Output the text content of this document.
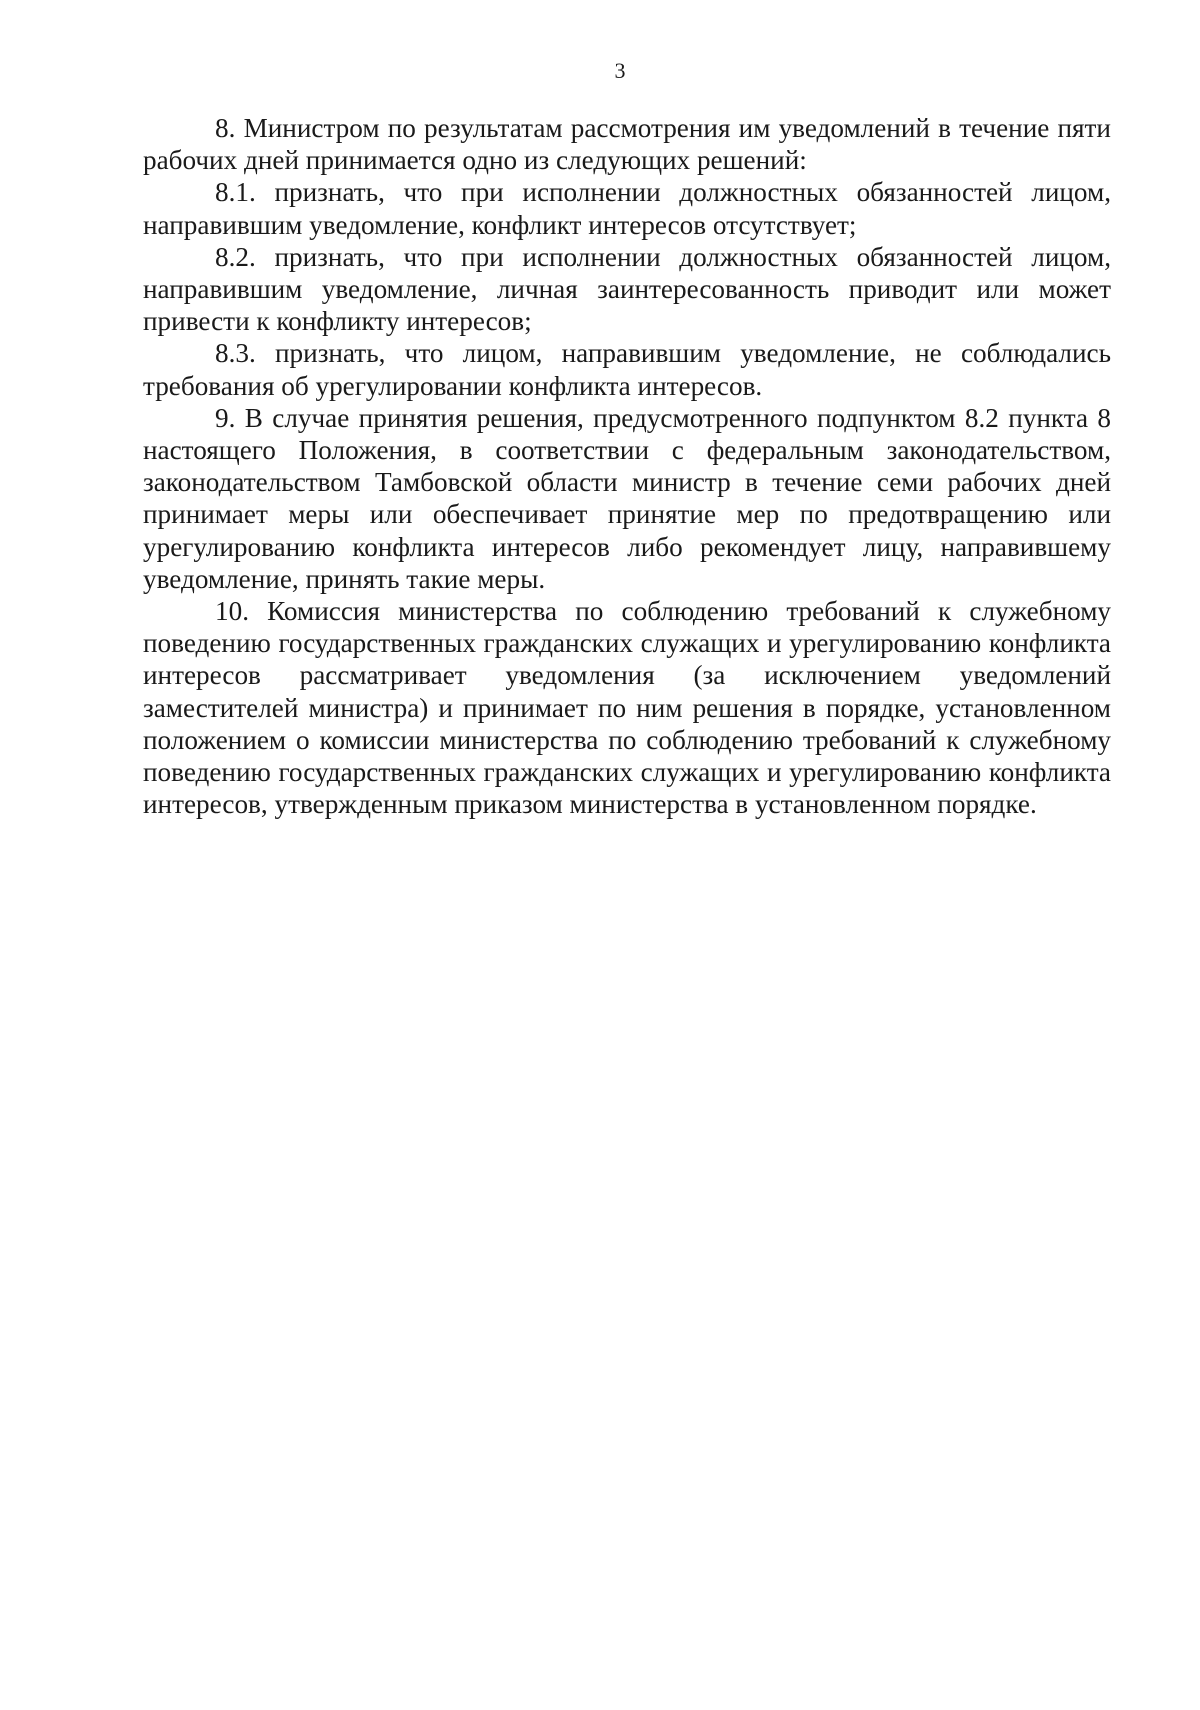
3

8. Министром по результатам рассмотрения им уведомлений в течение пяти рабочих дней принимается одно из следующих решений:

8.1. признать, что при исполнении должностных обязанностей лицом, направившим уведомление, конфликт интересов отсутствует;

8.2. признать, что при исполнении должностных обязанностей лицом, направившим уведомление, личная заинтересованность приводит или может привести к конфликту интересов;

8.3. признать, что лицом, направившим уведомление, не соблюдались требования об урегулировании конфликта интересов.

9. В случае принятия решения, предусмотренного подпунктом 8.2 пункта 8 настоящего Положения, в соответствии с федеральным законодательством, законодательством Тамбовской области министр в течение семи рабочих дней принимает меры или обеспечивает принятие мер по предотвращению или урегулированию конфликта интересов либо рекомендует лицу, направившему уведомление, принять такие меры.

10. Комиссия министерства по соблюдению требований к служебному поведению государственных гражданских служащих и урегулированию конфликта интересов рассматривает уведомления (за исключением уведомлений заместителей министра) и принимает по ним решения в порядке, установленном положением о комиссии министерства по соблюдению требований к служебному поведению государственных гражданских служащих и урегулированию конфликта интересов, утвержденным приказом министерства в установленном порядке.
